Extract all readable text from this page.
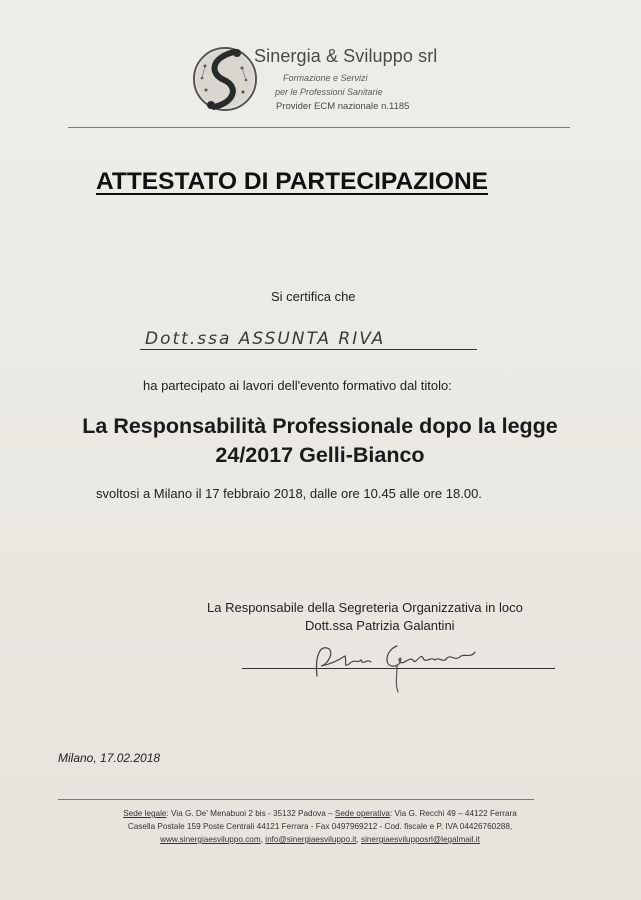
Sinergia & Sviluppo srl
Formazione e Servizi
per le Professioni Sanitarie
Provider ECM nazionale n.1185
ATTESTATO DI PARTECIPAZIONE
Si certifica che
Dott.ssa ASSUNTA RIVA
ha partecipato ai lavori dell'evento formativo dal titolo:
La Responsabilità Professionale dopo la legge 24/2017 Gelli-Bianco
svoltosi a Milano il 17 febbraio 2018, dalle ore 10.45 alle ore 18.00.
La Responsabile della Segreteria Organizzativa in loco
Dott.ssa Patrizia Galantini
Milano, 17.02.2018
Sede legale: Via G. De' Menabuoi 2 bis - 35132 Padova – Sede operativa: Via G. Recchi 49 – 44122 Ferrara
Casella Postale 159 Poste Centrali 44121 Ferrara - Fax 0497969212 - Cod. fiscale e P. IVA 04426760288,
www.sinergiaesviluppo.com, info@sinergiaesviluppo.it, sinergiaesvilupposrl@legalmail.it
